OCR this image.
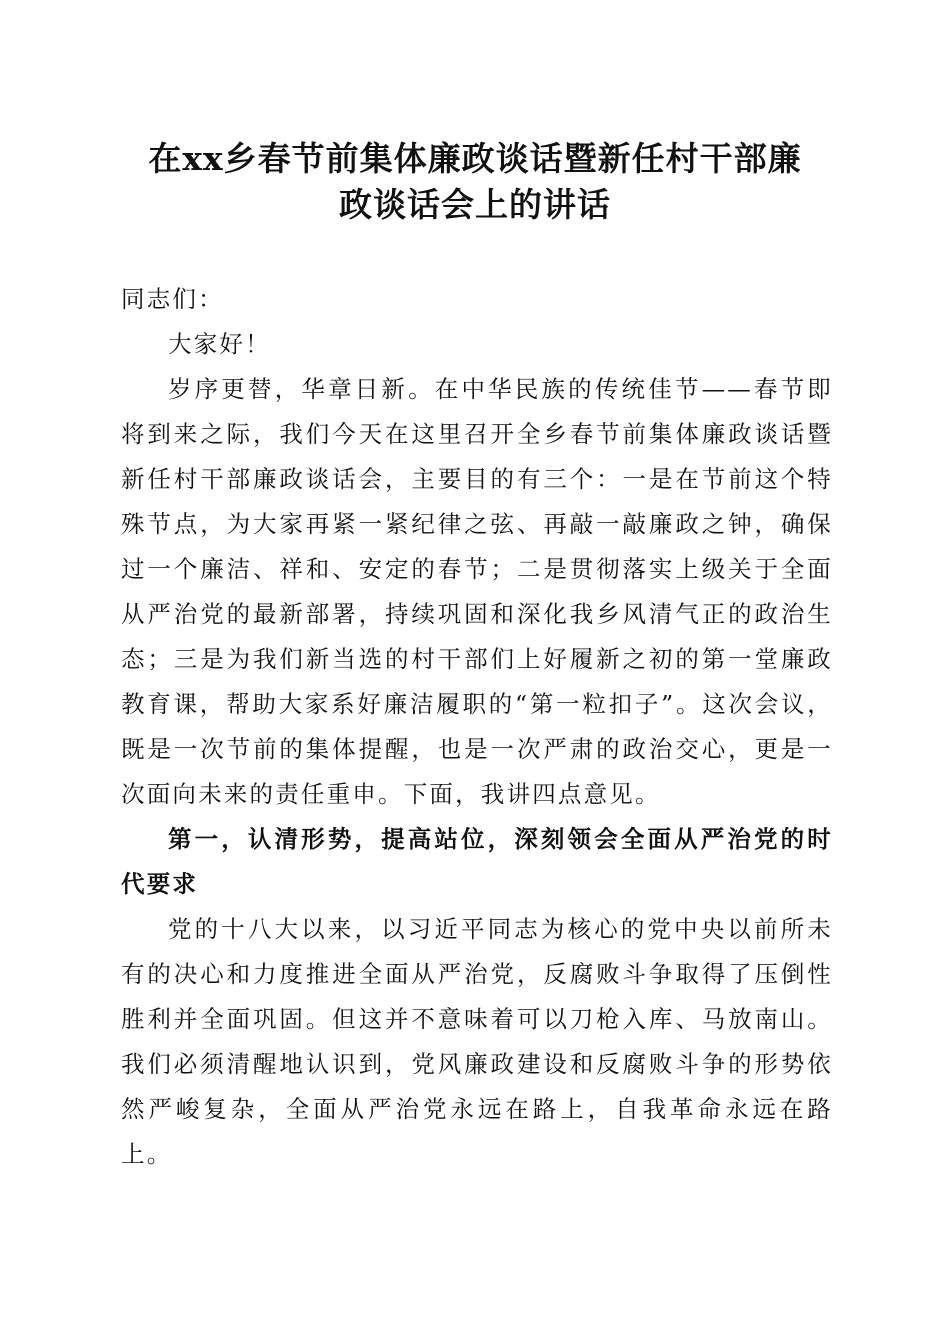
在xx乡春节前集体廉政谈话暨新任村干部廉
政谈话会上的讲话

同志们：

大家好！

岁序更替，华章日新。在中华民族的传统佳节——春节即将到来之际，我们今天在这里召开全乡春节前集体廉政谈话暨新任村干部廉政谈话会，主要目的有三个：一是在节前这个特殊节点，为大家再紧一紧纪律之弦、再敲一敲廉政之钟，确保过一个廉洁、祥和、安定的春节；二是贯彻落实上级关于全面从严治党的最新部署，持续巩固和深化我乡风清气正的政治生态；三是为我们新当选的村干部们上好履新之初的第一堂廉政教育课，帮助大家系好廉洁履职的“第一粒扣子”。这次会议，既是一次节前的集体提醒，也是一次严肃的政治交心，更是一次面向未来的责任重申。下面，我讲四点意见。

第一，认清形势，提高站位，深刻领会全面从严治党的时代要求

党的十八大以来，以习近平同志为核心的党中央以前所未有的决心和力度推进全面从严治党，反腐败斗争取得了压倒性胜利并全面巩固。但这并不意味着可以刀枪入库、马放南山。我们必须清醒地认识到，党风廉政建设和反腐败斗争的形势依然严峻复杂，全面从严治党永远在路上，自我革命永远在路上。
